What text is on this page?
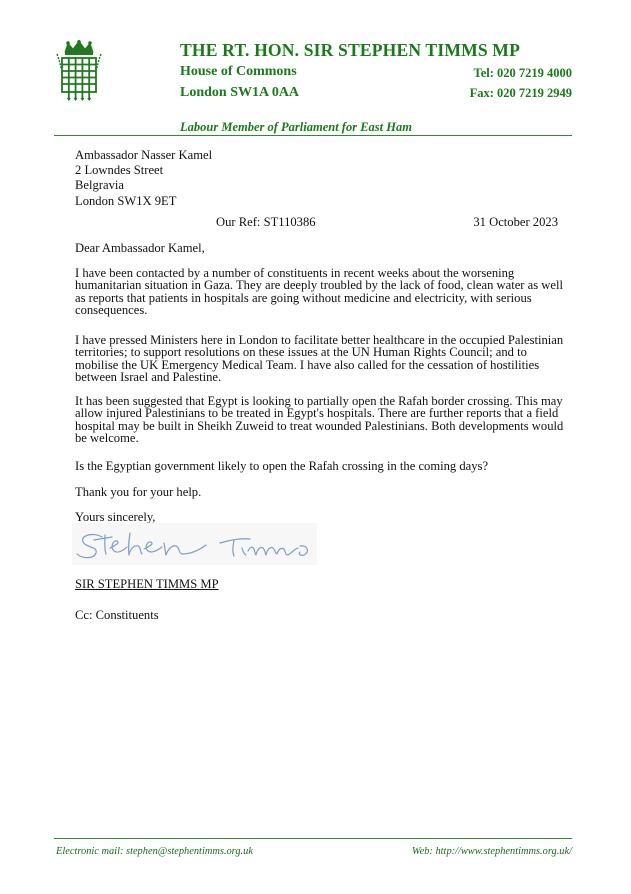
THE RT. HON. SIR STEPHEN TIMMS MP
House of Commons
London SW1A 0AA
Tel: 020 7219 4000
Fax: 020 7219 2949
Labour Member of Parliament for East Ham
Ambassador Nasser Kamel
2 Lowndes Street
Belgravia
London SW1X 9ET
Our Ref: ST110386	31 October 2023

Dear Ambassador Kamel,

I have been contacted by a number of constituents in recent weeks about the worsening humanitarian situation in Gaza. They are deeply troubled by the lack of food, clean water as well as reports that patients in hospitals are going without medicine and electricity, with serious consequences.

I have pressed Ministers here in London to facilitate better healthcare in the occupied Palestinian territories; to support resolutions on these issues at the UN Human Rights Council; and to mobilise the UK Emergency Medical Team. I have also called for the cessation of hostilities between Israel and Palestine.

It has been suggested that Egypt is looking to partially open the Rafah border crossing. This may allow injured Palestinians to be treated in Egypt's hospitals. There are further reports that a field hospital may be built in Sheikh Zuweid to treat wounded Palestinians. Both developments would be welcome.

Is the Egyptian government likely to open the Rafah crossing in the coming days?

Thank you for your help.

Yours sincerely,

SIR STEPHEN TIMMS MP
Cc: Constituents
Electronic mail: stephen@stephentimms.org.uk	Web: http://www.stephentimms.org.uk/
